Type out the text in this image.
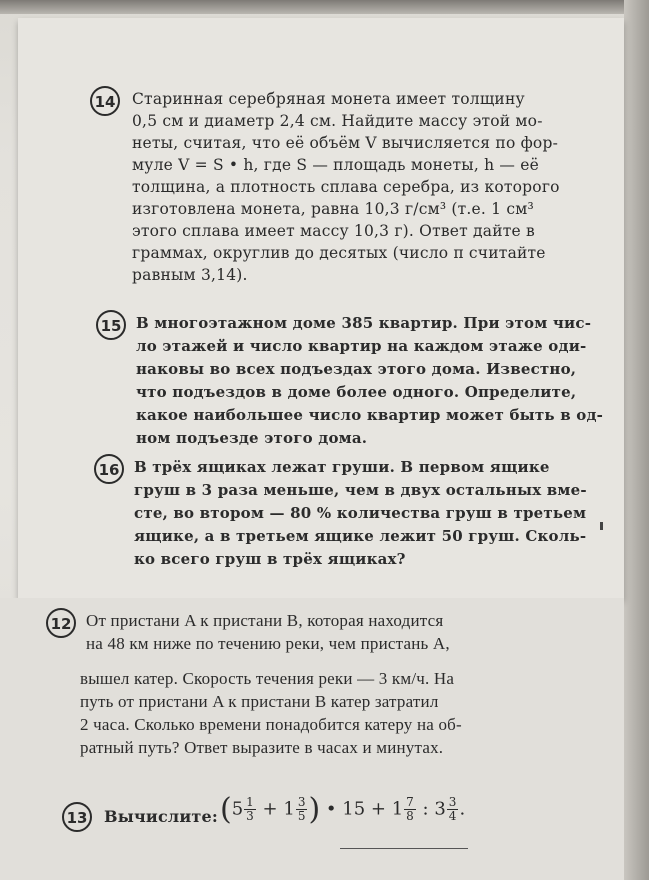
14 Старинная серебряная монета имеет толщину
0,5 см и диаметр 2,4 см. Найдите массу этой мо-
неты, считая, что её объём V вычисляется по фор-
муле V = S • h, где S — площадь монеты, h — её
толщина, а плотность сплава серебра, из которого
изготовлена монета, равна 10,3 г/см³ (т.е. 1 см³
этого сплава имеет массу 10,3 г). Ответ дайте в
граммах, округлив до десятых (число π считайте
равным 3,14).
15 В многоэтажном доме 385 квартир. При этом чис-
ло этажей и число квартир на каждом этаже оди-
наковы во всех подъездах этого дома. Известно,
что подъездов в доме более одного. Определите,
какое наибольшее число квартир может быть в од-
ном подъезде этого дома.
16 В трёх ящиках лежат груши. В первом ящике
груш в 3 раза меньше, чем в двух остальных вме-
сте, во втором — 80 % количества груш в третьем
ящике, а в третьем ящике лежит 50 груш. Сколь-
ко всего груш в трёх ящиках?
12 От пристани A к пристани B, которая находится
на 48 км ниже по течению реки, чем пристань A,
вышел катер. Скорость течения реки — 3 км/ч. На
путь от пристани A к пристани B катер затратил
2 часа. Сколько времени понадобится катеру на об-
ратный путь? Ответ выразите в часах и минутах.
13 Вычислите: ($5 \frac{1}{3} + 1 \frac{3}{5}$ ) • $15 + 1 \frac{7}{8}$ : $3 \frac{3}{4}$ .
